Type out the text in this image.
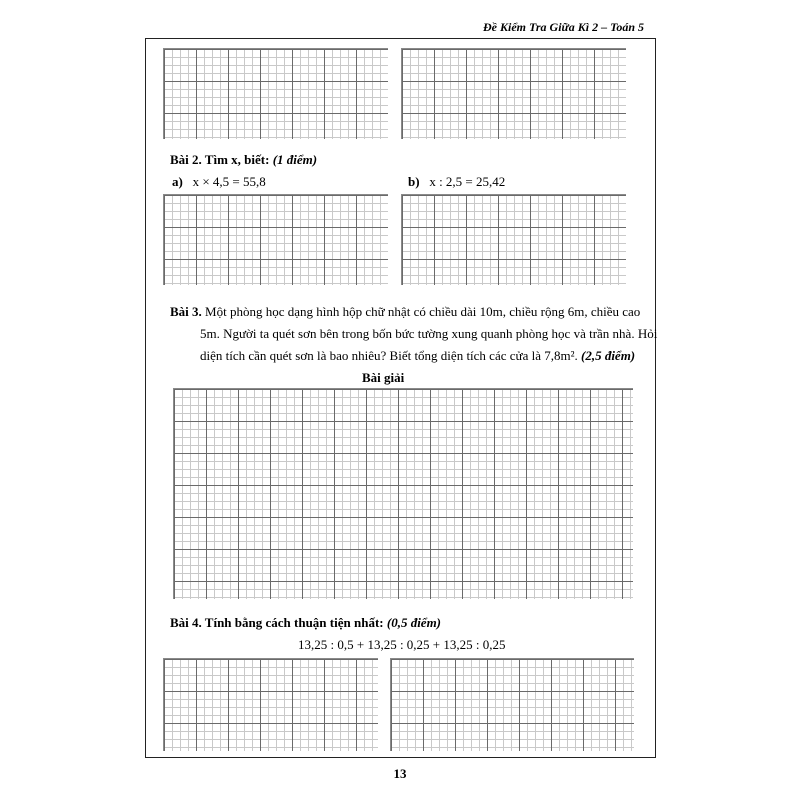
Đề Kiểm Tra Giữa Kì 2 – Toán 5
Bài 2. Tìm x, biết: (1 điểm)
a) x × 4,5 = 55,8	b) x : 2,5 = 25,42
Bài 3. Một phòng học dạng hình hộp chữ nhật có chiều dài 10m, chiều rộng 6m, chiều cao
5m. Người ta quét sơn bên trong bốn bức tường xung quanh phòng học và trần nhà. Hỏi
diện tích cần quét sơn là bao nhiêu? Biết tổng diện tích các cửa là 7,8m². (2,5 điểm)
Bài giải
Bài 4. Tính bằng cách thuận tiện nhất: (0,5 điểm)
13,25 : 0,5 + 13,25 : 0,25 + 13,25 : 0,25
13
